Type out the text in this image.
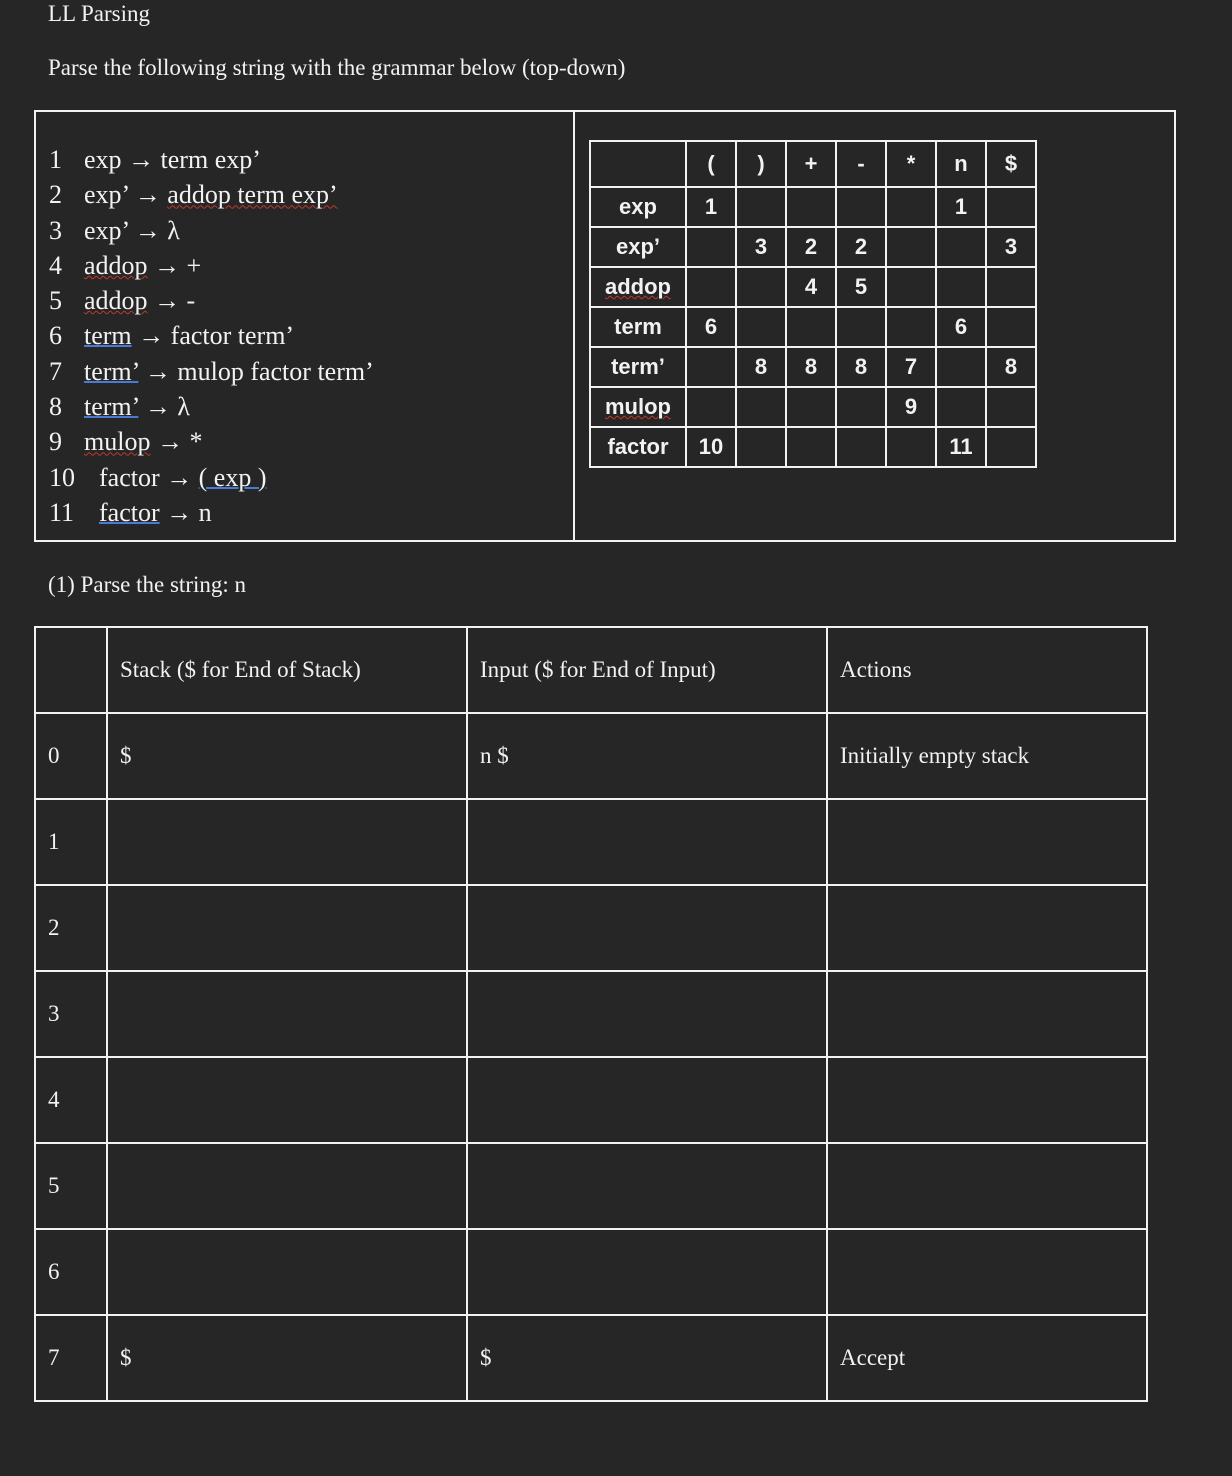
LL Parsing
Parse the following string with the grammar below (top-down)
1 exp → term exp’
2 exp’ → addop term exp’
3 exp’ → λ
4 addop → +
5 addop → -
6 term → factor term’
7 term’ → mulop factor term’
8 term’ → λ
9 mulop → *
10 factor → ( exp )
11 factor → n
	(	)	+	-	*	n	$
exp	1					1	
exp’		3	2	2			3
addop			4	5			
term	6					6	
term’		8	8	8	7		8
mulop					9		
factor	10					11	
(1) Parse the string: n
	Stack ($ for End of Stack)	Input ($ for End of Input)	Actions
0	$	n $	Initially empty stack
1			
2			
3			
4			
5			
6			
7	$	$	Accept
